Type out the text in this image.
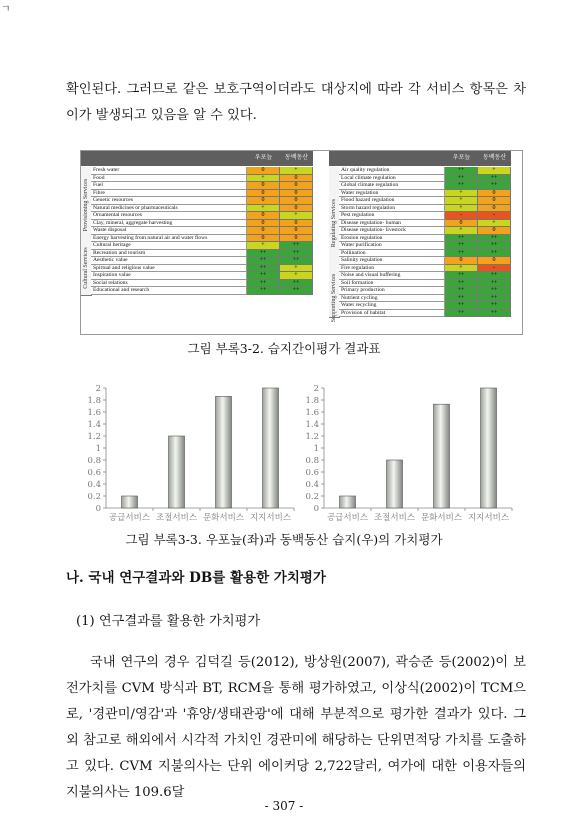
ㄱ
확인된다. 그러므로 같은 보호구역이더라도 대상지에 따라 각 서비스 항목은 차이가 발생되고 있음을 알 수 있다.
우포늪	동백동산
Provisioning Services
Fresh water	0	+
Food	+	0
Fuel	0	0
Fibre	0	0
Genetic resources	0	0
Natural medicines or pharmaceuticals	+	0
Ornamental resources	0	+
Clay, mineral, aggregate harvesting	0	0
Waste disposal	0	0
Energy harvesting from natural air and water flows	0	0
Cultural Services
Cultural heritage	+	++
Recreation and tourism	++	++
Aesthetic value	++	++
Spirtual and religious value	++	+
Inspiration value	++	+
Social relations	++	++
Educational and research	++	++
우포늪	동백동산
Regulating Services
Air quality regulation	++	+
Local climate regulation	++	++
Global climate regulation	++	++
Water regulation	+	0
Flood hazard regulation	+	0
Storm hazard regulation	+	0
Pest regulation	-	-
Disease regulation- human	0	+
Disease regulation- livestock	+	0
Erosion regulation	++	++
Water purification	++	++
Pollination	++	++
Salinity regulation	0	0
Fire regulation	+	-
Noise and visual buffering	++	++
Supporting Services Soil formation	++	++
Primary production	++	++
Nutrient cycling	++	++
Water recycling	++	++
Provision of habitat	++	++
그림 부록3-2. 습지간이평가 결과표
0
0.2
0.4
0.6
0.8
1
1.2
1.4
1.6
1.8
2
공급서비스 조절서비스 문화서비스 지지서비스
0
0.2
0.4
0.6
0.8
1
1.2
1.4
1.6
1.8
2
공급서비스 조절서비스 문화서비스 지지서비스
그림 부록3-3. 우포늪(좌)과 동백동산 습지(우)의 가치평가
나. 국내 연구결과와 DB를 활용한 가치평가
(1) 연구결과를 활용한 가치평가
국내 연구의 경우 김덕길 등(2012), 방상원(2007), 곽승준 등(2002)이 보전가치를 CVM 방식과 BT, RCM을 통해 평가하였고, 이상식(2002)이 TCM으로, '경관미/영감'과 '휴양/생태관광'에 대해 부분적으로 평가한 결과가 있다. 그 외 참고로 해외에서 시각적 가치인 경관미에 해당하는 단위면적당 가치를 도출하고 있다. CVM 지불의사는 단위 에이커당 2,722달러, 여가에 대한 이용자들의 지불의사는 109.6달
- 307 -
